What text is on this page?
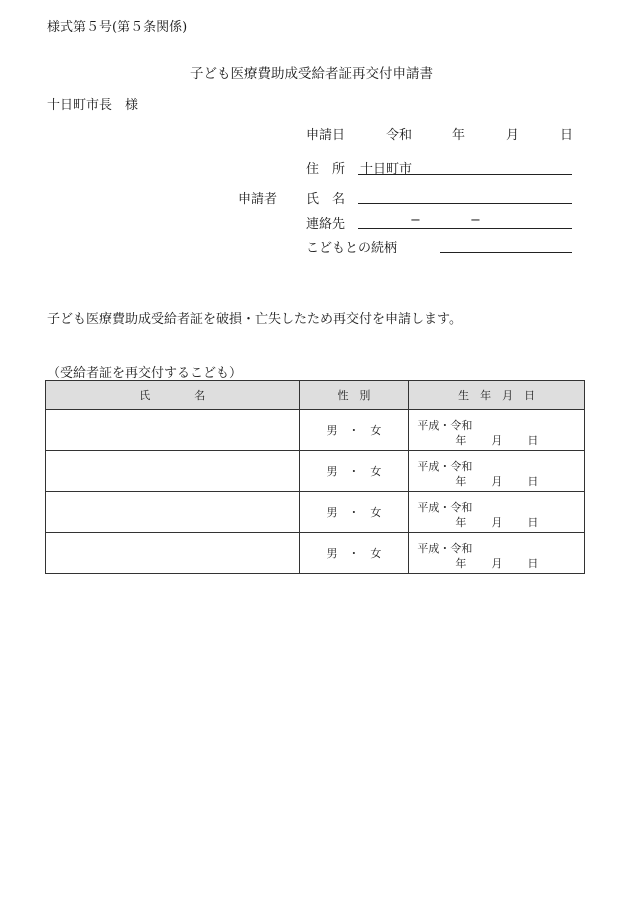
様式第５号(第５条関係)
子ども医療費助成受給者証再交付申請書
十日町市長　様
申請日	令和	年	月	日
申請者
住　所 十日町市
氏　名
連絡先	−	−
こどもとの続柄
子ども医療費助成受給者証を破損・亡失したため再交付を申請します。
（受給者証を再交付するこども）
氏　　　　名	性　別	生　年　月　日
	男　・　女	平成・令和
年 月 日

	男　・　女	平成・令和
年 月 日

	男　・　女	平成・令和
年 月 日

	男　・　女	平成・令和
年 月 日
